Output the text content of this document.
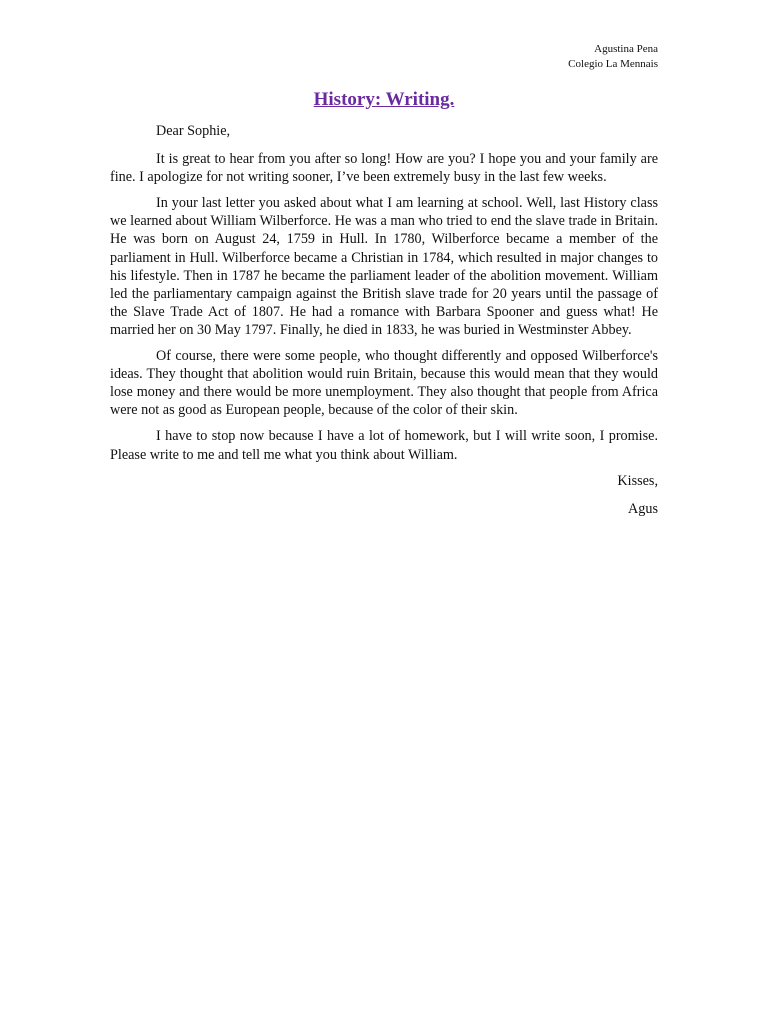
Agustina Pena
Colegio La Mennais
History: Writing.

Dear Sophie,

It is great to hear from you after so long! How are you? I hope you and your family are fine. I apologize for not writing sooner, I’ve been extremely busy in the last few weeks.

In your last letter you asked about what I am learning at school. Well, last History class we learned about William Wilberforce. He was a man who tried to end the slave trade in Britain. He was born on August 24, 1759 in Hull. In 1780, Wilberforce became a member of the parliament in Hull. Wilberforce became a Christian in 1784, which resulted in major changes to his lifestyle. Then in 1787 he became the parliament leader of the abolition movement. William led the parliamentary campaign against the British slave trade for 20 years until the passage of the Slave Trade Act of 1807. He had a romance with Barbara Spooner and guess what! He married her on 30 May 1797. Finally, he died in 1833, he was buried in Westminster Abbey.

Of course, there were some people, who thought differently and opposed Wilberforce's ideas. They thought that abolition would ruin Britain, because this would mean that they would lose money and there would be more unemployment. They also thought that people from Africa were not as good as European people, because of the color of their skin.

I have to stop now because I have a lot of homework, but I will write soon, I promise. Please write to me and tell me what you think about William.

Kisses,

Agus
